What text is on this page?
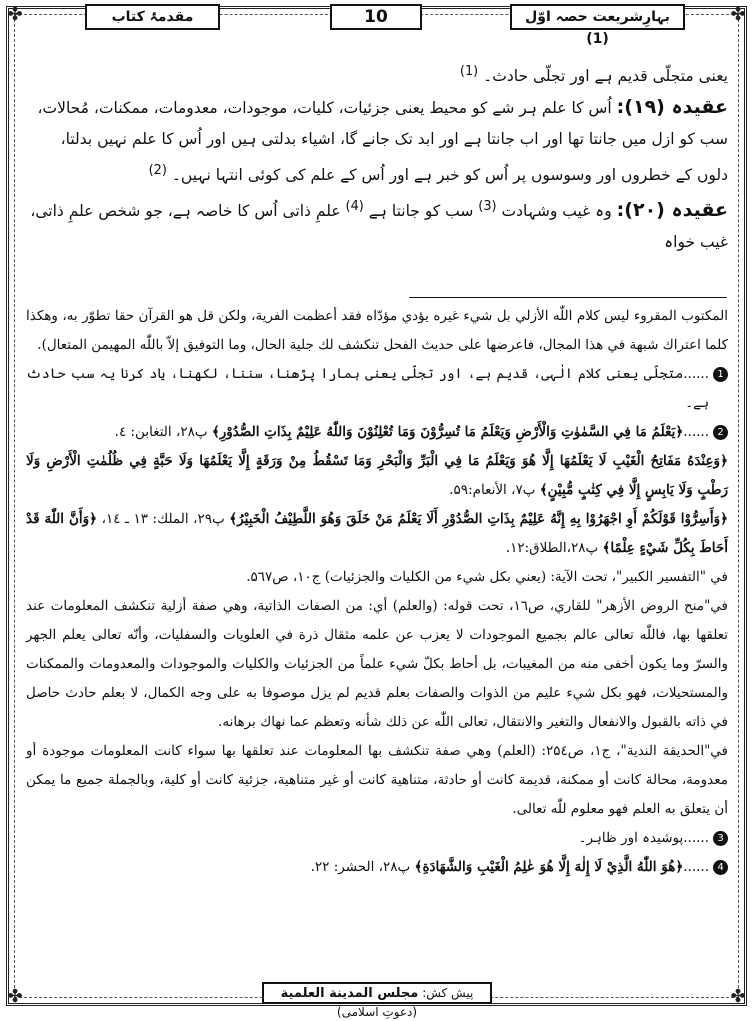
✤	✤
✤	✤
مقدمۂ کتاب	10	بہارِشریعت حصہ اوّل (1)

یعنی متجلّی قدیم ہے اور تجلّی حادث۔ $^{(1)}$

عقیدہ (۱۹): اُس کا علم ہر شے کو محیط یعنی جزئیات، کلیات، موجودات، معدومات، ممکنات، مُحالات، سب کو ازل میں جانتا تھا اور اب جانتا ہے اور ابد تک جانے گا، اشیاء بدلتی ہیں اور اُس کا علم نہیں بدلتا، دلوں کے خطروں اور وسوسوں پر اُس کو خبر ہے اور اُس کے علم کی کوئی انتہا نہیں۔ $^{(2)}$

عقیدہ (۲۰): وہ غیب وشہادت $^{(3)}$ سب کو جانتا ہے $^{(4)}$ علمِ ذاتی اُس کا خاصہ ہے، جو شخص علمِ ذاتی، غیب خواہ

المكتوب المقروء ليس كلام اللّٰه الأزلي بل شيء غيره يؤدي مؤدّاه فقد أعظمت الفرية، ولكن قل هو القرآن حقا تطوّر به، وهكذا كلما اعتراك شبهة في هذا المجال، فاعرضها على حديث الفحل تنكشف لك جلية الحال، وما التوفيق إلاّ باللّٰه المهيمن المتعال).

1

......متجلّی یعنی کلام الٰہی، قدیم ہے، اور تجلّی یعنی ہمارا پڑھنا، سننا، لکھنا، یاد کرنا یہ سب حادث ہے۔

2

......﴿يَعْلَمُ مَا فِي السَّمٰوٰتِ وَالْأَرْضِ وَيَعْلَمُ مَا تُسِرُّوْنَ وَمَا تُعْلِنُوْنَ وَاللّٰهُ عَلِيْمٌ بِذَاتِ الصُّدُوْرِ﴾ پ۲۸، التغابن: ٤.

﴿وَعِنْدَهُ مَفَاتِحُ الْغَيْبِ لَا يَعْلَمُهَا إِلَّا هُوَ وَيَعْلَمُ مَا فِي الْبَرِّ وَالْبَحْرِ وَمَا تَسْقُطُ مِنْ وَرَقَةٍ إِلَّا يَعْلَمُهَا وَلَا حَبَّةٍ فِي ظُلُمٰتِ الْأَرْضِ وَلَا رَطْبٍ وَلَا يَابِسٍ إِلَّا فِي كِتٰبٍ مُّبِيْنٍ﴾ پ۷، الأنعام:۵۹.

﴿وَأَسِرُّوْا قَوْلَكُمْ أَوِ اجْهَرُوْا بِهِ إِنَّهُ عَلِيْمٌ بِذَاتِ الصُّدُوْرِ أَلَا يَعْلَمُ مَنْ خَلَقَ وَهُوَ اللَّطِيْفُ الْخَبِيْرُ﴾ پ۲۹، الملك: ۱۳ ـ ۱٤، ﴿وَأَنَّ اللّٰهَ قَدْ أَحَاطَ بِكُلِّ شَيْءٍ عِلْمًا﴾ پ۲۸،الطلاق:۱۲.

في "التفسير الكبير"، تحت الآية: (يعني بكل شيء من الكليات والجزئيات) ج۱۰، ص۵٦٧.

في"منح الروض الأزهر" للقاري، ص١٦، تحت قوله: (والعلم) أي: من الصفات الذاتية، وهي صفة أزلية تنكشف المعلومات عند تعلقها بها، فاللّٰه تعالى عالم بجميع الموجودات لا يعزب عن علمه مثقال ذرة في العلويات والسفليات، وأنّه تعالى يعلم الجهر والسرّ وما يكون أخفى منه من المغيبات، بل أحاط بكلّ شيء علماً من الجزئيات والكليات والموجودات والمعدومات والممكنات والمستحيلات، فهو بكل شيء عليم من الذوات والصفات بعلم قديم لم يزل موصوفا به على وجه الكمال، لا بعلم حادث حاصل في ذاته بالقبول والانفعال والتغير والانتقال، تعالى اللّٰه عن ذلك شأنه وتعظم عما نهاك برهانه.

في"الحديقة الندية"، ج۱، ص۲۵٤: (العلم) وهي صفة تنكشف بها المعلومات عند تعلقها بها سواء كانت المعلومات موجودة أو معدومة، محالة كانت أو ممكنة، قديمة كانت أو حادثة، متناهية كانت أو غير متناهية، جزئية كانت أو كلية، وبالجملة جميع ما يمكن أن يتعلق به العلم فهو معلوم للّٰه تعالى.

3

......پوشیدہ اور ظاہر۔

4

......﴿هُوَ اللّٰهُ الَّذِيْ لَا إِلٰهَ إِلَّا هُوَ عٰلِمُ الْغَيْبِ وَالشَّهَادَةِ﴾ پ۲۸، الحشر: ۲۲.

پیش کش: مجلس المدينة العلمية (دعوتِ اسلامی)
